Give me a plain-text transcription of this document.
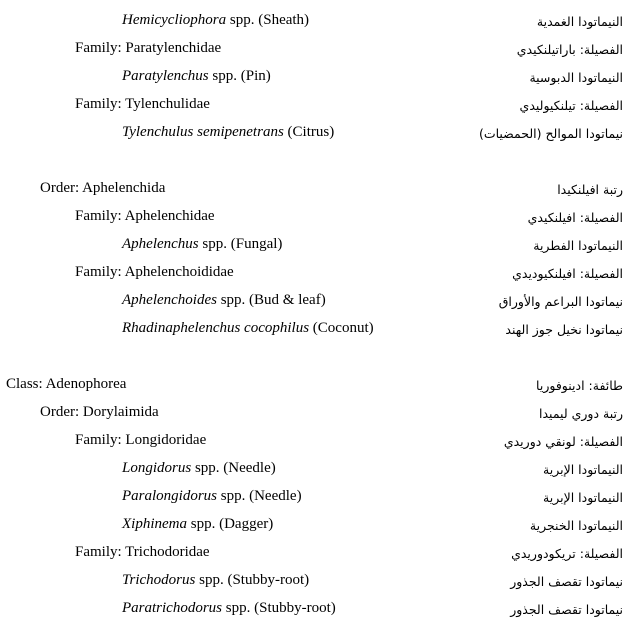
Hemicycliophora spp. (Sheath)	النيماتودا الغمدية
Family: Paratylenchidae	الفصيلة: باراتيلنكيدي
Paratylenchus spp. (Pin)	النيماتودا الدبوسية
Family: Tylenchulidae	الفصيلة: تيلنكيوليدي
Tylenchulus semipenetrans (Citrus)	نيماتودا الموالح (الحمضيات)
Order: Aphelenchida	رتبة افيلنكيدا
Family: Aphelenchidae	الفصيلة: افيلنكيدي
Aphelenchus spp. (Fungal)	النيماتودا الفطرية
Family: Aphelenchoididae	الفصيلة: افيلنكيوديدي
Aphelenchoides spp. (Bud & leaf)	نيماتودا البراعم والأوراق
Rhadinaphelenchus cocophilus (Coconut)	نيماتودا نخيل جوز الهند
Class: Adenophorea	طائفة: ادينوفوريا
Order: Dorylaimida	رتبة دوري ليميدا
Family: Longidoridae	الفصيلة: لونقي دوريدي
Longidorus spp. (Needle)	النيماتودا الإبرية
Paralongidorus spp. (Needle)	النيماتودا الإبرية
Xiphinema spp. (Dagger)	النيماتودا الخنجرية
Family: Trichodoridae	الفصيلة: تريكودوريدي
Trichodorus spp. (Stubby-root)	نيماتودا تقصف الجذور
Paratrichodorus spp. (Stubby-root)	نيماتودا تقصف الجذور
